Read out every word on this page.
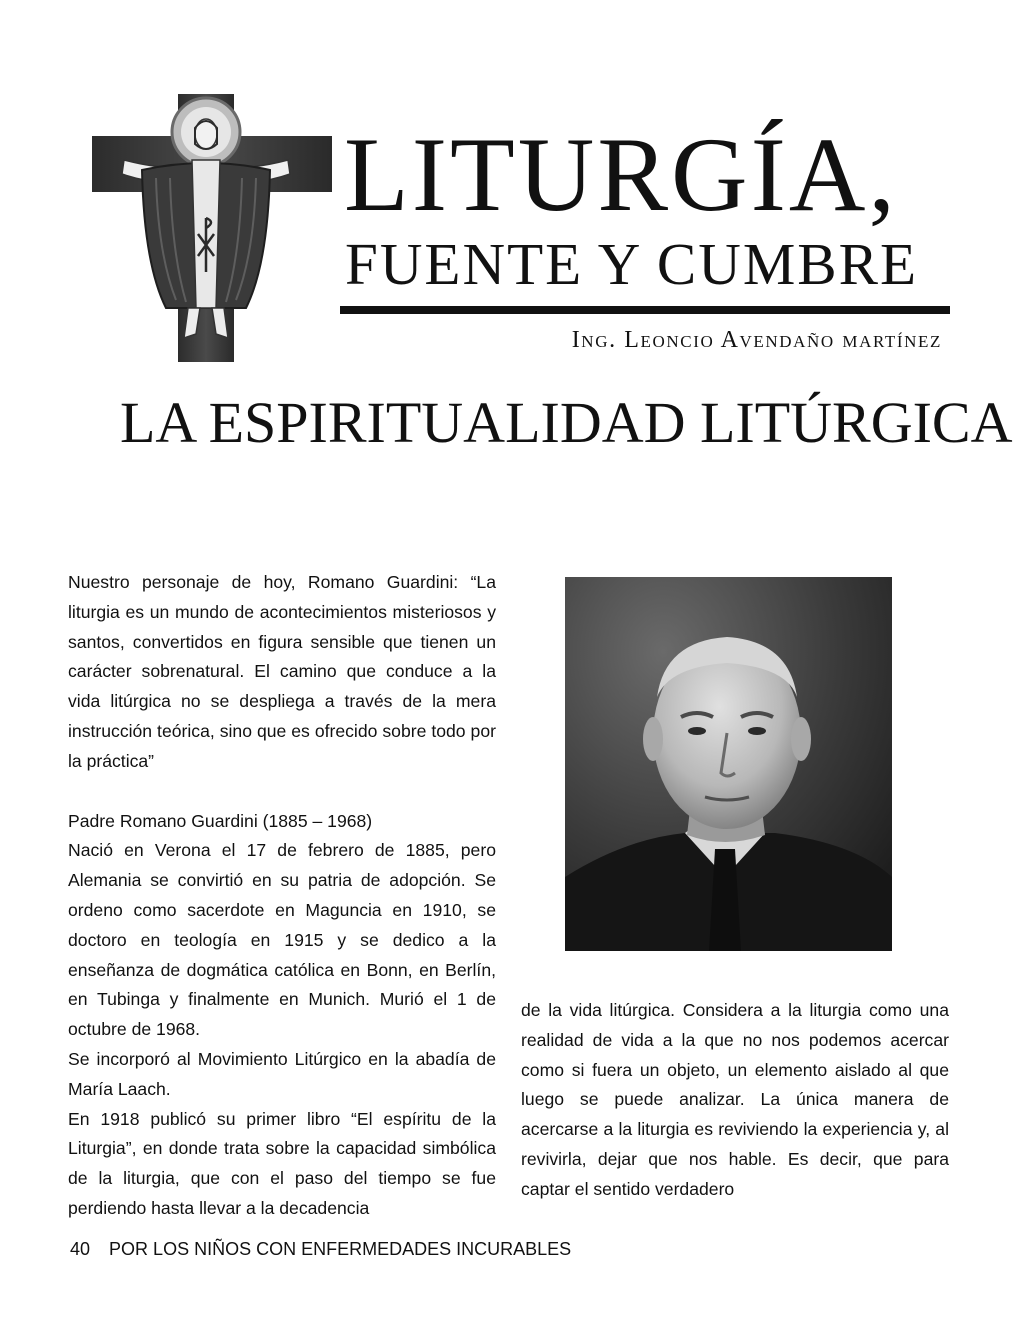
LITURGÍA,
FUENTE Y CUMBRE
Ing. Leoncio Avendaño martínez
LA ESPIRITUALIDAD LITÚRGICA

Nuestro personaje de hoy, Romano Guardini: “La liturgia es un mundo de acontecimientos misteriosos y santos, convertidos en figura sensible que tienen un carácter sobrenatural. El camino que conduce a la vida litúrgica no se despliega a través de la mera instrucción teórica, sino que es ofrecido sobre todo por la práctica”

Padre Romano Guardini (1885 – 1968)

Nació en Verona el 17 de febrero de 1885, pero Alemania se convirtió en su patria de adopción. Se ordeno como sacerdote en Maguncia en 1910, se doctoro en teología en 1915 y se dedico a la enseñanza de dogmática católica en Bonn, en Berlín, en Tubinga y finalmente en Munich. Murió el 1 de octubre de 1968.

Se incorporó al Movimiento Litúrgico en la abadía de María Laach.

En 1918 publicó su primer libro “El espíritu de la Liturgia”, en donde trata sobre la capacidad simbólica de la liturgia, que con el paso del tiempo se fue perdiendo hasta llevar a la decadencia

de la vida litúrgica. Considera a la liturgia como una realidad de vida a la que no nos podemos acercar como si fuera un objeto, un elemento aislado al que luego se puede analizar. La única manera de acercarse a la liturgia es reviviendo la experiencia y, al revivirla, dejar que nos hable. Es decir, que para captar el sentido verdadero

40 POR LOS NIÑOS CON ENFERMEDADES INCURABLES
